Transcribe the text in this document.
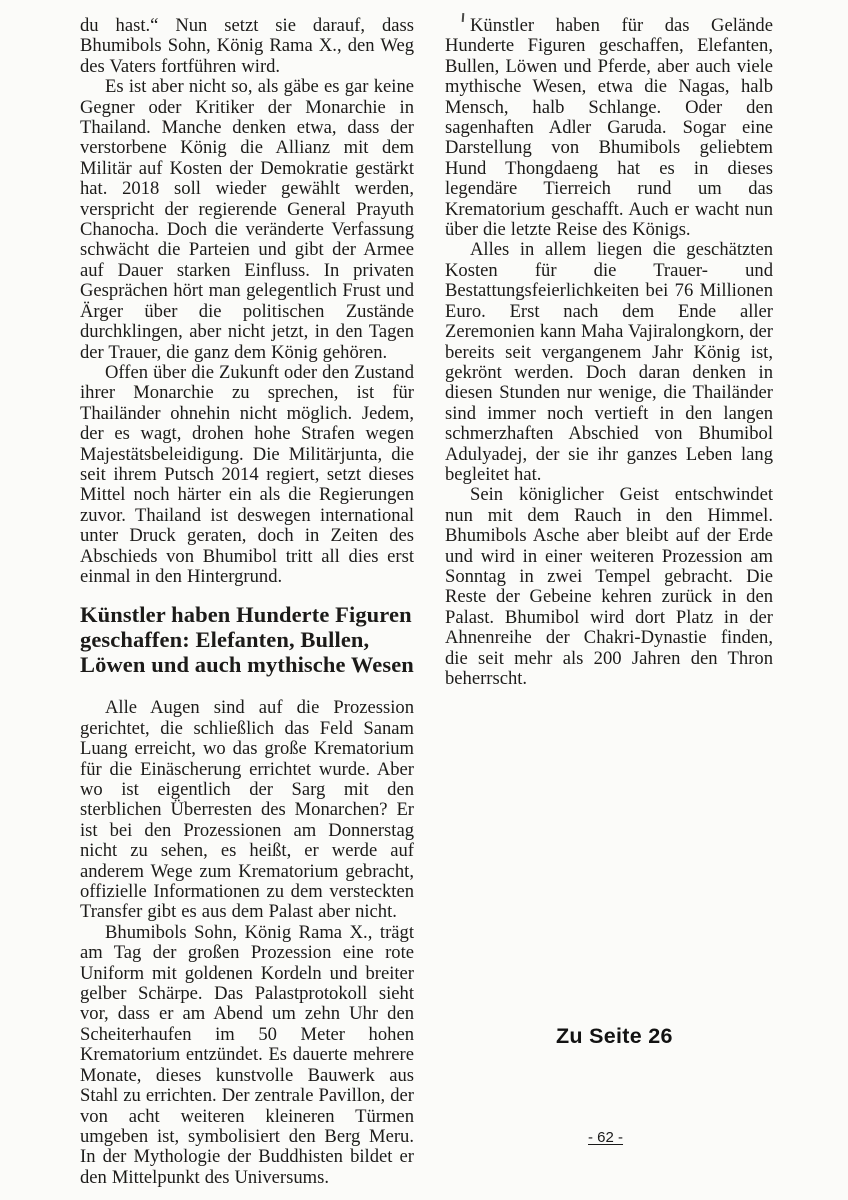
du hast.“ Nun setzt sie darauf, dass Bhumibols Sohn, König Rama X., den Weg des Vaters fortführen wird.

Es ist aber nicht so, als gäbe es gar keine Gegner oder Kritiker der Monarchie in Thailand. Manche denken etwa, dass der verstorbene König die Allianz mit dem Militär auf Kosten der Demokratie gestärkt hat. 2018 soll wieder gewählt werden, verspricht der regierende General Prayuth Chanocha. Doch die veränderte Verfassung schwächt die Parteien und gibt der Armee auf Dauer starken Einfluss. In privaten Gesprächen hört man gelegentlich Frust und Ärger über die politischen Zustände durchklingen, aber nicht jetzt, in den Tagen der Trauer, die ganz dem König gehören.

Offen über die Zukunft oder den Zustand ihrer Monarchie zu sprechen, ist für Thailänder ohnehin nicht möglich. Jedem, der es wagt, drohen hohe Strafen wegen Majestätsbeleidigung. Die Militärjunta, die seit ihrem Putsch 2014 regiert, setzt dieses Mittel noch härter ein als die Regierungen zuvor. Thailand ist deswegen international unter Druck geraten, doch in Zeiten des Abschieds von Bhumibol tritt all dies erst einmal in den Hintergrund.

Künstler haben Hunderte Figuren
geschaffen: Elefanten, Bullen,
Löwen und auch mythische Wesen

Alle Augen sind auf die Prozession gerichtet, die schließlich das Feld Sanam Luang erreicht, wo das große Krematorium für die Einäscherung errichtet wurde. Aber wo ist eigentlich der Sarg mit den sterblichen Überresten des Monarchen? Er ist bei den Prozessionen am Donnerstag nicht zu sehen, es heißt, er werde auf anderem Wege zum Krematorium gebracht, offizielle Informationen zu dem versteckten Transfer gibt es aus dem Palast aber nicht.

Bhumibols Sohn, König Rama X., trägt am Tag der großen Prozession eine rote Uniform mit goldenen Kordeln und breiter gelber Schärpe. Das Palastprotokoll sieht vor, dass er am Abend um zehn Uhr den Scheiterhaufen im 50 Meter hohen Krematorium entzündet. Es dauerte mehrere Monate, dieses kunstvolle Bauwerk aus Stahl zu errichten. Der zentrale Pavillon, der von acht weiteren kleineren Türmen umgeben ist, symbolisiert den Berg Meru. In der Mythologie der Buddhisten bildet er den Mittelpunkt des Universums.

Künstler haben für das Gelände Hunderte Figuren geschaffen, Elefanten, Bullen, Löwen und Pferde, aber auch viele mythische Wesen, etwa die Nagas, halb Mensch, halb Schlange. Oder den sagenhaften Adler Garuda. Sogar eine Darstellung von Bhumibols geliebtem Hund Thongdaeng hat es in dieses legendäre Tierreich rund um das Krematorium geschafft. Auch er wacht nun über die letzte Reise des Königs.

Alles in allem liegen die geschätzten Kosten für die Trauer- und Bestattungsfeierlichkeiten bei 76 Millionen Euro. Erst nach dem Ende aller Zeremonien kann Maha Vajiralongkorn, der bereits seit vergangenem Jahr König ist, gekrönt werden. Doch daran denken in diesen Stunden nur wenige, die Thailänder sind immer noch vertieft in den langen schmerzhaften Abschied von Bhumibol Adulyadej, der sie ihr ganzes Leben lang begleitet hat.

Sein königlicher Geist entschwindet nun mit dem Rauch in den Himmel. Bhumibols Asche aber bleibt auf der Erde und wird in einer weiteren Prozession am Sonntag in zwei Tempel gebracht. Die Reste der Gebeine kehren zurück in den Palast. Bhumibol wird dort Platz in der Ahnenreihe der Chakri-Dynastie finden, die seit mehr als 200 Jahren den Thron beherrscht.

Zu Seite 26
- 62 -
